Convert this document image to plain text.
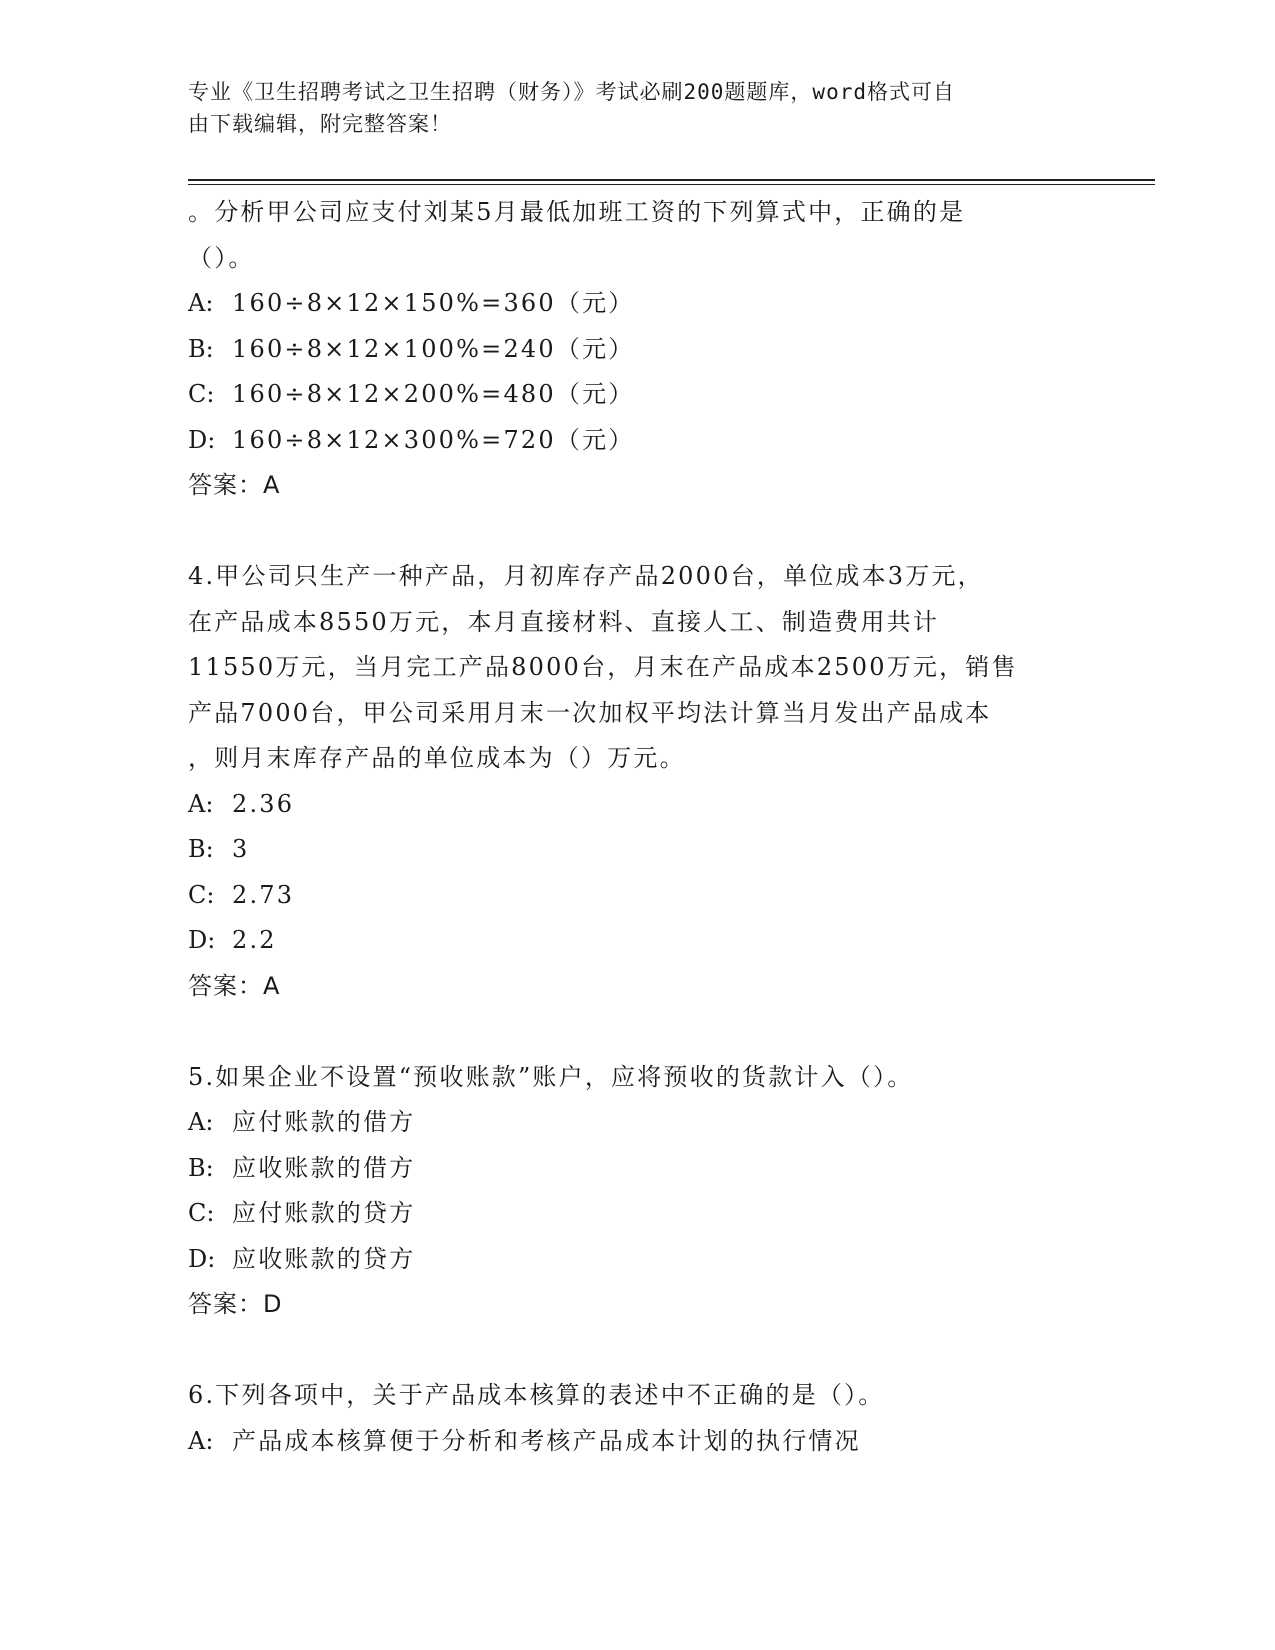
专业《卫生招聘考试之卫生招聘（财务）》考试必刷200题题库，word格式可自
由下载编辑，附完整答案！
。分析甲公司应支付刘某5月最低加班工资的下列算式中，正确的是
（）。
A: 160÷8×12×150%=360（元）
B: 160÷8×12×100%=240（元）
C: 160÷8×12×200%=480（元）
D: 160÷8×12×300%=720（元）
答案：A
4.甲公司只生产一种产品，月初库存产品2000台，单位成本3万元，
在产品成本8550万元，本月直接材料、直接人工、制造费用共计
11550万元，当月完工产品8000台，月末在产品成本2500万元，销售
产品7000台，甲公司采用月末一次加权平均法计算当月发出产品成本
，则月末库存产品的单位成本为（）万元。
A: 2.36
B: 3
C: 2.73
D: 2.2
答案：A
5.如果企业不设置“预收账款”账户，应将预收的货款计入（）。
A: 应付账款的借方
B: 应收账款的借方
C: 应付账款的贷方
D: 应收账款的贷方
答案：D
6.下列各项中，关于产品成本核算的表述中不正确的是（）。
A: 产品成本核算便于分析和考核产品成本计划的执行情况
